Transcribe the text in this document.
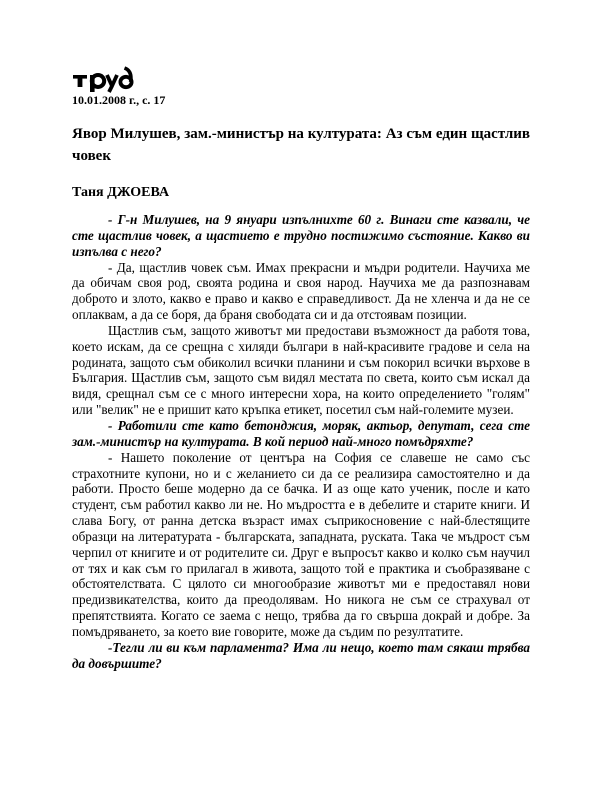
10.01.2008 г., с. 17
Явор Милушев, зам.-министър на културата: Аз съм един щастлив човек
Таня ДЖОЕВА

- Г-н Милушев, на 9 януари изпълнихте 60 г. Винаги сте казвали, че сте щастлив човек, а щастието е трудно постижимо състояние. Какво ви изпълва с него?

- Да, щастлив човек съм. Имах прекрасни и мъдри родители. Научиха ме да обичам своя род, своята родина и своя народ. Научиха ме да разпознавам доброто и злото, какво е право и какво е справедливост. Да не хленча и да не се оплаквам, а да се боря, да браня свободата си и да отстоявам позиции.

Щастлив съм, защото животът ми предостави възможност да работя това, което искам, да се срещна с хиляди българи в най-красивите градове и села на родината, защото съм обиколил всички планини и съм покорил всички върхове в България. Щастлив съм, защото съм видял местата по света, които съм искал да видя, срещнал съм се с много интересни хора, на които определението "голям" или "велик" не е пришит като кръпка етикет, посетил съм най-големите музеи.

- Работили сте като бетонджия, моряк, актьор, депутат, сега сте зам.-министър на културата. В кой период най-много помъдряхте?

- Нашето поколение от центъра на София се славеше не само със страхотните купони, но и с желанието си да се реализира самостоятелно и да работи. Просто беше модерно да се бачка. И аз още като ученик, после и като студент, съм работил какво ли не. Но мъдростта е в дебелите и старите книги. И слава Богу, от ранна детска възраст имах съприкосновение с най-блестящите образци на литературата - българската, западната, руската. Така че мъдрост съм черпил от книгите и от родителите си. Друг е въпросът какво и колко съм научил от тях и как съм го прилагал в живота, защото той е практика и съобразяване с обстоятелствата. С цялото си многообразие животът ми е предоставял нови предизвикателства, които да преодолявам. Но никога не съм се страхувал от препятствията. Когато се заема с нещо, трябва да го свърша докрай и добре. За помъдряването, за което вие говорите, може да съдим по резултатите.

-Тегли ли ви към парламента? Има ли нещо, което там сякаш трябва да довършите?
